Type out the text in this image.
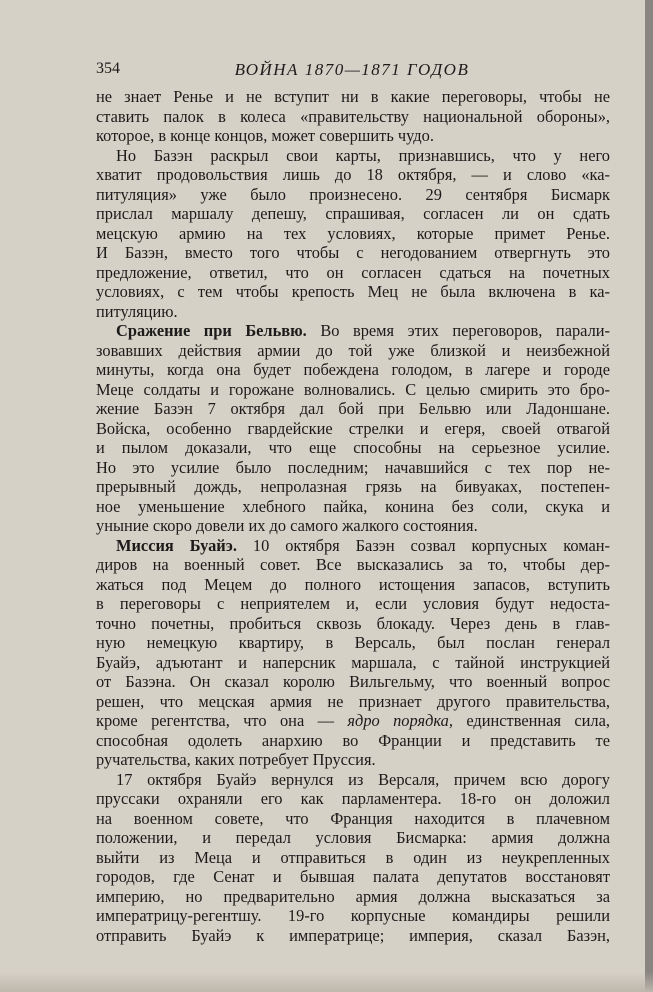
354	ВОЙНА 1870—1871 ГОДОВ
не знает Ренье и не вступит ни в какие переговоры, чтобы не
ставить палок в колеса «правительству национальной обороны»,
которое, в конце концов, может совершить чудо.
Но Базэн раскрыл свои карты, признавшись, что у него
хватит продовольствия лишь до 18 октября, — и слово «ка-
питуляция» уже было произнесено. 29 сентября Бисмарк
прислал маршалу депешу, спрашивая, согласен ли он сдать
мецскую армию на тех условиях, которые примет Ренье.
И Базэн, вместо того чтобы с негодованием отвергнуть это
предложение, ответил, что он согласен сдаться на почетных
условиях, с тем чтобы крепость Мец не была включена в ка-
питуляцию.
Сражение при Бельвю. Во время этих переговоров, парали-
зовавших действия армии до той уже близкой и неизбежной
минуты, когда она будет побеждена голодом, в лагере и городе
Меце солдаты и горожане волновались. С целью смирить это бро-
жение Базэн 7 октября дал бой при Бельвю или Ладоншане.
Войска, особенно гвардейские стрелки и егеря, своей отвагой
и пылом доказали, что еще способны на серьезное усилие.
Но это усилие было последним; начавшийся с тех пор не-
прерывный дождь, непролазная грязь на бивуаках, постепен-
ное уменьшение хлебного пайка, конина без соли, скука и
уныние скоро довели их до самого жалкого состояния.
Миссия Буайэ. 10 октября Базэн созвал корпусных коман-
диров на военный совет. Все высказались за то, чтобы дер-
жаться под Мецем до полного истощения запасов, вступить
в переговоры с неприятелем и, если условия будут недоста-
точно почетны, пробиться сквозь блокаду. Через день в глав-
ную немецкую квартиру, в Версаль, был послан генерал
Буайэ, адъютант и наперсник маршала, с тайной инструкцией
от Базэна. Он сказал королю Вильгельму, что военный вопрос
решен, что мецская армия не признает другого правительства,
кроме регентства, что она — ядро порядка, единственная сила,
способная одолеть анархию во Франции и представить те
ручательства, каких потребует Пруссия.
17 октября Буайэ вернулся из Версаля, причем всю дорогу
пруссаки охраняли его как парламентера. 18-го он доложил
на военном совете, что Франция находится в плачевном
положении, и передал условия Бисмарка: армия должна
выйти из Меца и отправиться в один из неукрепленных
городов, где Сенат и бывшая палата депутатов восстановят
империю, но предварительно армия должна высказаться за
императрицу-регентшу. 19-го корпусные командиры решили
отправить Буайэ к императрице; империя, сказал Базэн,
